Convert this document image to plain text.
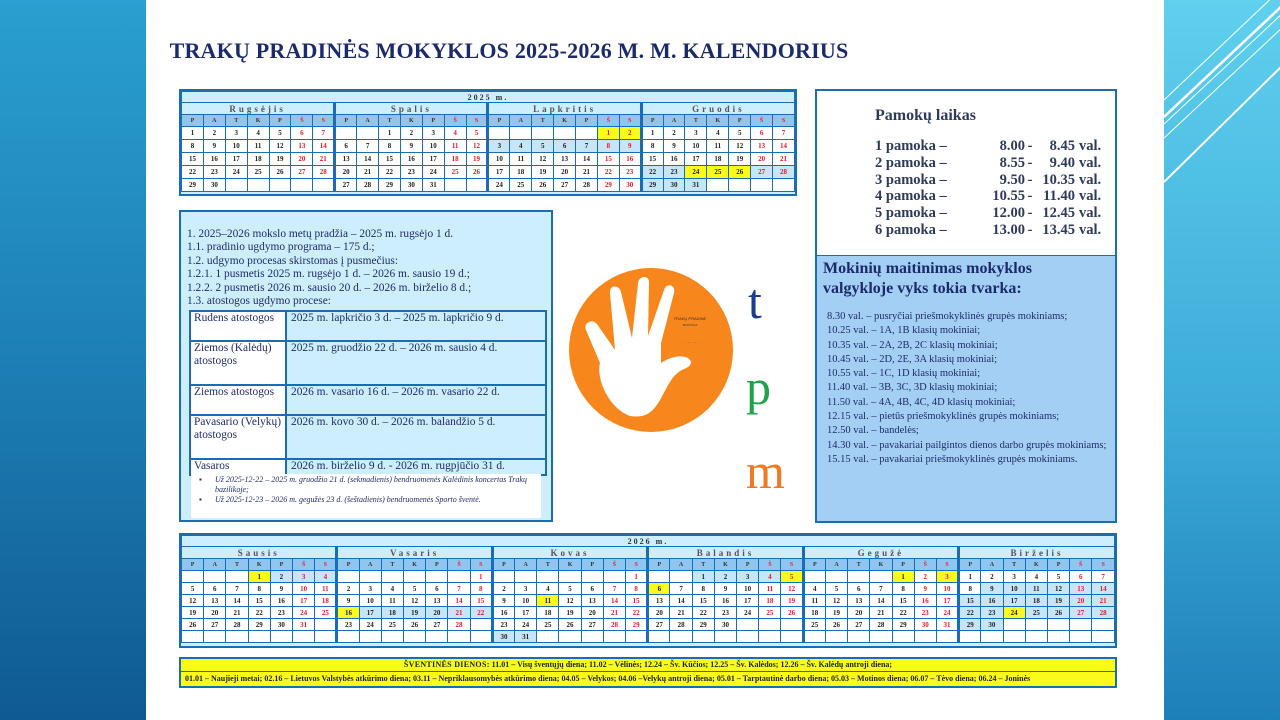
TRAKŲ PRADINĖS MOKYKLOS 2025-2026 M. M. KALENDORIUS
2025 m.																											
Rugsėjis							Spalis							Lapkritis							Gruodis						
P	A	T	K	P	Š	S	P	A	T	K	P	Š	S	P	A	T	K	P	Š	S	P	A	T	K	P	Š	S
1	2	3	4	5	6	7			1	2	3	4	5						1	2	1	2	3	4	5	6	7
8	9	10	11	12	13	14	6	7	8	9	10	11	12	3	4	5	6	7	8	9	8	9	10	11	12	13	14
15	16	17	18	19	20	21	13	14	15	16	17	18	19	10	11	12	13	14	15	16	15	16	17	18	19	20	21
22	23	24	25	26	27	28	20	21	22	23	24	25	26	17	18	19	20	21	22	23	22	23	24	25	26	27	28
29	30						27	28	29	30	31			24	25	26	27	28	29	30	29	30	31				
1. 2025–2026 mokslo metų pradžia – 2025 m. rugsėjo 1 d.
1.1. pradinio ugdymo programa – 175 d.;
1.2. udgymo procesas skirstomas į pusmečius:
1.2.1. 1 pusmetis 2025 m. rugsėjo 1 d. – 2026 m. sausio 19 d.;
1.2.2. 2 pusmetis 2026 m. sausio 20 d. – 2026 m. birželio 8 d.;
1.3. atostogos ugdymo procese:
Rudens atostogos	2025 m. lapkričio 3 d. – 2025 m. lapkričio 9 d.
Ziemos (Kalėdų) atostogos	2025 m. gruodžio 22 d. – 2026 m. sausio 4 d.
Ziemos atostogos	2026 m. vasario 16 d. – 2026 m. vasario 22 d.
Pavasario (Velykų) atostogos	2026 m. kovo 30 d. – 2026 m. balandžio 5 d.
Vasaros	2026 m. birželio 9 d. - 2026 m. rugpjūčio 31 d.
▪	Už 2025-12-22 – 2025 m. gruodžio 21 d. (sekmadienis) bendruomenės Kalėdinis koncertas Trakų bazilikoje;
▪	Už 2025-12-23 – 2026 m. gegužės 23 d. (šeštadienis) bendruomenės Sporto šventė.
TRAKŲ PRADINĖ
MOKYKLA
· · · · · ·
t
p
m
Pamokų laikas
1 pamoka –	8.00 -	8.45 val.
2 pamoka –	8.55 -	9.40 val.
3 pamoka –	9.50 - 10.35 val.
4 pamoka –	10.55 - 11.40 val.
5 pamoka –	12.00 - 12.45 val.
6 pamoka –	13.00 - 13.45 val.
Mokinių maitinimas mokyklos
valgykloje vyks tokia tvarka:
8.30 val. – pusryčiai priešmokyklinės grupės mokiniams;
10.25 val. – 1A, 1B klasių mokiniai;
10.35 val. – 2A, 2B, 2C klasių mokiniai;
10.45 val. – 2D, 2E, 3A klasių mokiniai;
10.55 val. – 1C, 1D klasių mokiniai;
11.40 val. – 3B, 3C, 3D klasių mokiniai;
11.50 val. – 4A, 4B, 4C, 4D klasių mokiniai;
12.15 val. – pietūs priešmokyklinės grupės mokiniams;
12.50 val. – bandelės;
14.30 val. – pavakariai pailgintos dienos darbo grupės mokiniams;
15.15 val. – pavakariai priešmokyklinės grupės mokiniams.
2026 m.																																									
Sausis							Vasaris							Kovas							Balandis							Gegužė							Birželis						
P	A	T	K	P	Š	S	P	A	T	K	P	Š	S	P	A	T	K	P	Š	S	P	A	T	K	P	Š	S	P	A	T	K	P	Š	S	P	A	T	K	P	Š	S
			1	2	3	4							1							1			1	2	3	4	5					1	2	3	1	2	3	4	5	6	7
5	6	7	8	9	10	11	2	3	4	5	6	7	8	2	3	4	5	6	7	8	6	7	8	9	10	11	12	4	5	6	7	8	9	10	8	9	10	11	12	13	14
12	13	14	15	16	17	18	9	10	11	12	13	14	15	9	10	11	12	13	14	15	13	14	15	16	17	18	19	11	12	13	14	15	16	17	15	16	17	18	19	20	21
19	20	21	22	23	24	25	16	17	18	19	20	21	22	16	17	18	19	20	21	22	20	21	22	23	24	25	26	18	19	20	21	22	23	24	22	23	24	25	26	27	28
26	27	28	29	30	31		23	24	25	26	27	28		23	24	25	26	27	28	29	27	28	29	30				25	26	27	28	29	30	31	29	30					
														30	31																										
ŠVENTINĖS DIENOS: 11.01 – Visų šventųjų diena; 11.02 – Vėlinės; 12.24 – Šv. Kūčios; 12.25 – Šv. Kalėdos; 12.26 – Šv. Kalėdų antroji diena;
01.01 – Naujieji metai; 02.16 – Lietuvos Valstybės atkūrimo diena; 03.11 – Nepriklausomybės atkūrimo diena; 04.05 – Velykos; 04.06 –Velykų antroji diena; 05.01 – Tarptautinė darbo diena; 05.03 – Motinos diena; 06.07 – Tėvo diena; 06.24 – Joninės
